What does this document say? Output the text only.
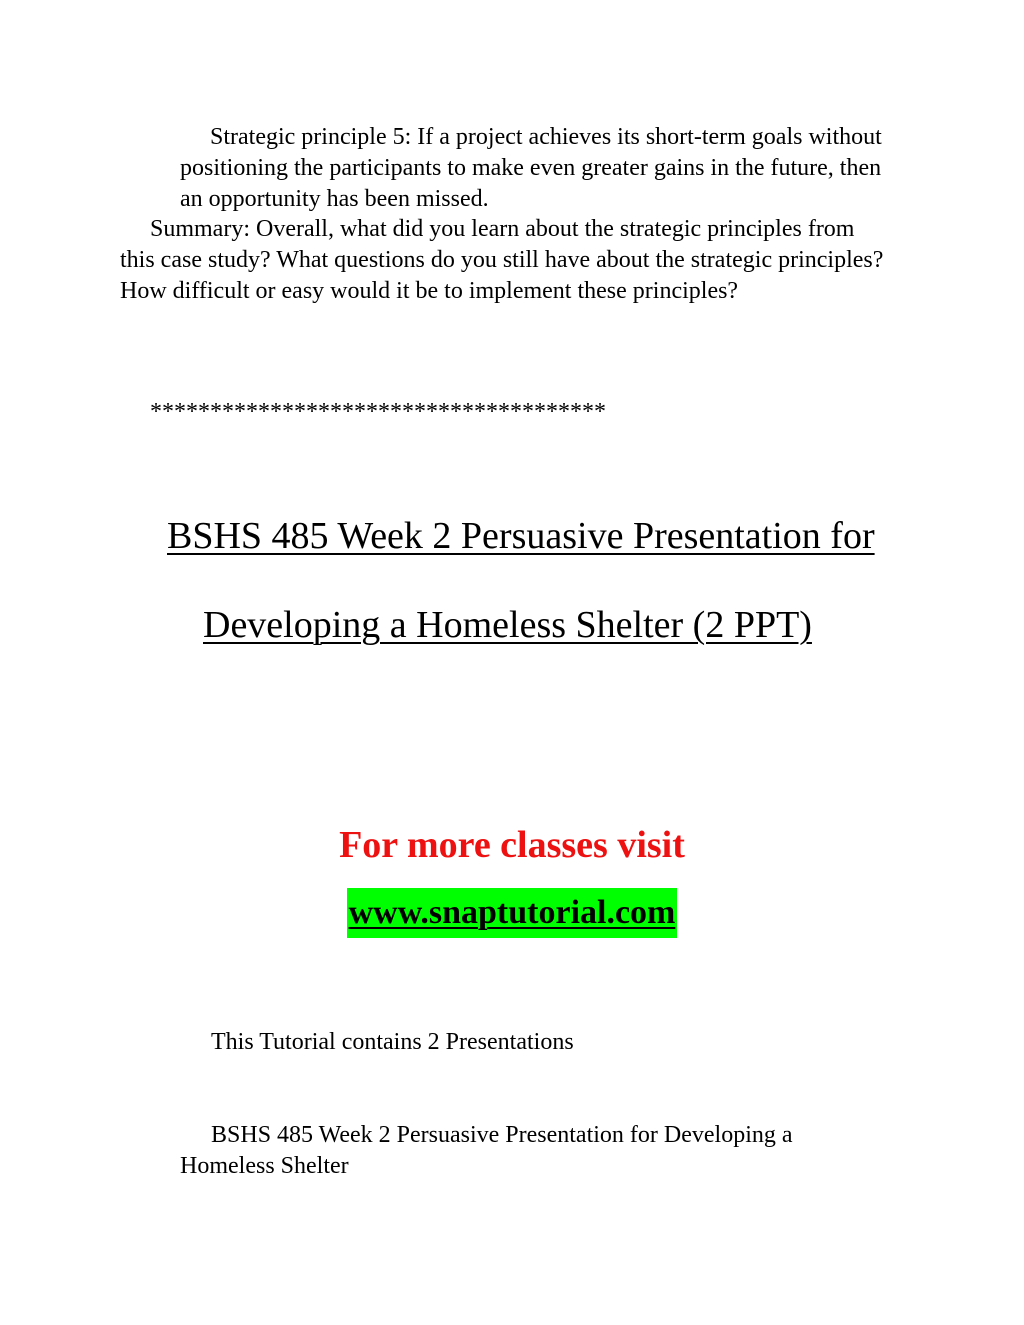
Strategic principle 5: If a project achieves its short-term goals without positioning the participants to make even greater gains in the future, then an opportunity has been missed.

Summary: Overall, what did you learn about the strategic principles from this case study? What questions do you still have about the strategic principles? How difficult or easy would it be to implement these principles?

**************************************
BSHS 485 Week 2 Persuasive Presentation for
Developing a Homeless Shelter (2 PPT)
For more classes visit
www.snaptutorial.com
This Tutorial contains 2 Presentations

BSHS 485 Week 2 Persuasive Presentation for Developing a Homeless Shelter
